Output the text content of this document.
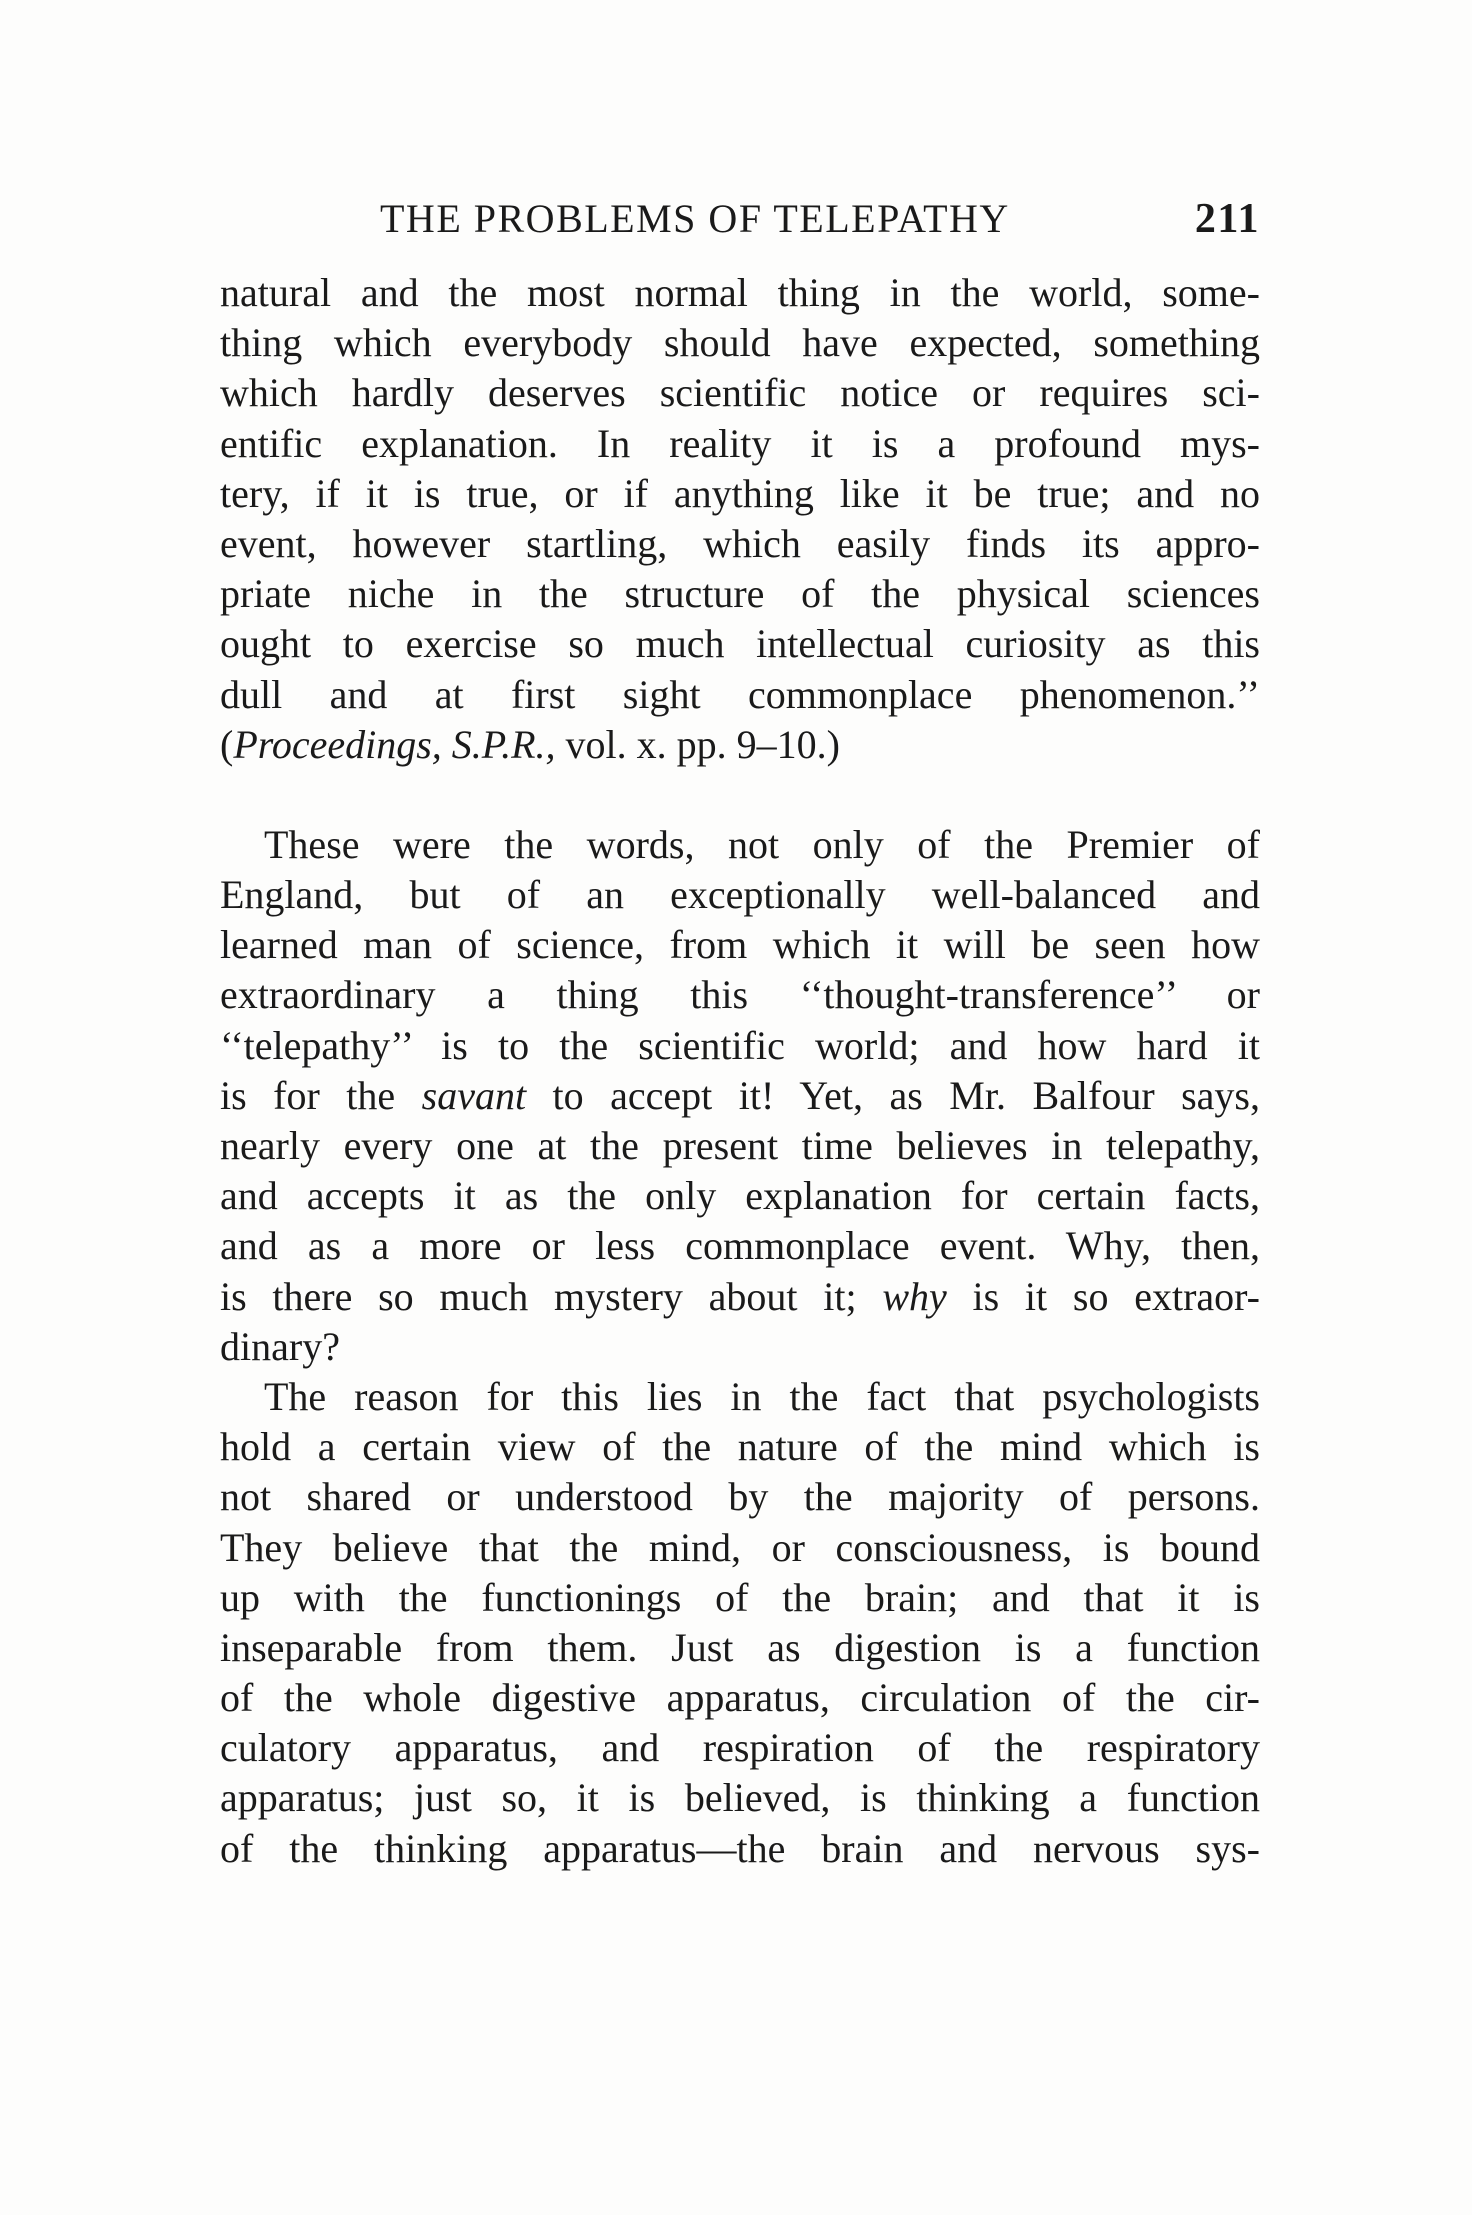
THE PROBLEMS OF TELEPATHY	211
natural and the most normal thing in the world, some-
thing which everybody should have expected, something
which hardly deserves scientific notice or requires sci-
entific explanation. In reality it is a profound mys-
tery, if it is true, or if anything like it be true; and no
event, however startling, which easily finds its appro-
priate niche in the structure of the physical sciences
ought to exercise so much intellectual curiosity as this
dull and at first sight commonplace phenomenon.’’
(Proceedings, S.P.R., vol. x. pp. 9–10.)
These were the words, not only of the Premier of
England, but of an exceptionally well-balanced and
learned man of science, from which it will be seen how
extraordinary a thing this ‘‘thought-transference’’ or
‘‘telepathy’’ is to the scientific world; and how hard it
is for the savant to accept it! Yet, as Mr. Balfour says,
nearly every one at the present time believes in telepathy,
and accepts it as the only explanation for certain facts,
and as a more or less commonplace event. Why, then,
is there so much mystery about it; why is it so extraor-
dinary?
The reason for this lies in the fact that psychologists
hold a certain view of the nature of the mind which is
not shared or understood by the majority of persons.
They believe that the mind, or consciousness, is bound
up with the functionings of the brain; and that it is
inseparable from them. Just as digestion is a function
of the whole digestive apparatus, circulation of the cir-
culatory apparatus, and respiration of the respiratory
apparatus; just so, it is believed, is thinking a function
of the thinking apparatus—the brain and nervous sys-
